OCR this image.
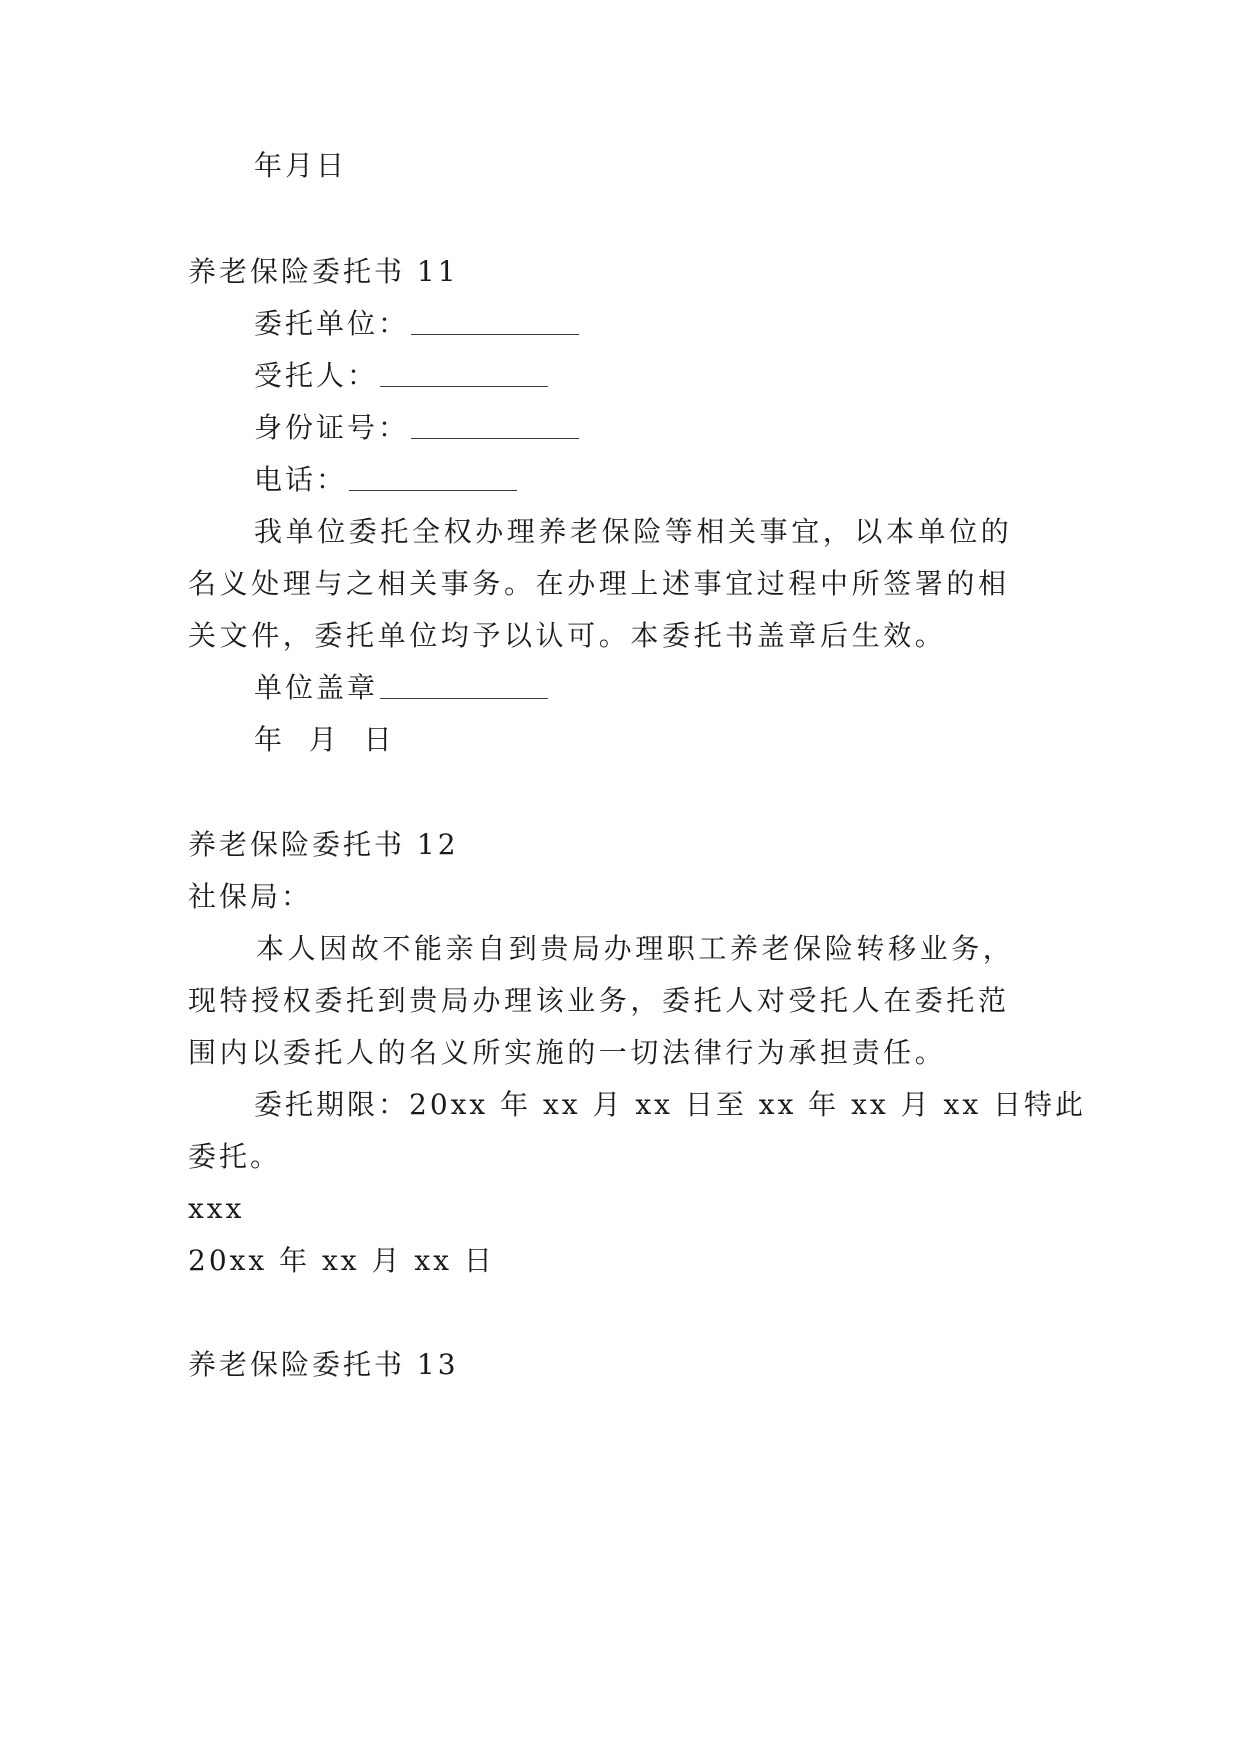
年月日
养老保险委托书 11
委托单位：
受托人：
身份证号：
电话：
我单位委托全权办理养老保险等相关事宜，以本单位的
名义处理与之相关事务。在办理上述事宜过程中所签署的相
关文件，委托单位均予以认可。本委托书盖章后生效。
单位盖章
年  月  日
养老保险委托书 12
社保局：
本人因故不能亲自到贵局办理职工养老保险转移业务，
现特授权委托到贵局办理该业务，委托人对受托人在委托范
围内以委托人的名义所实施的一切法律行为承担责任。
委托期限：20xx 年 xx 月 xx 日至 xx 年 xx 月 xx 日特此
委托。
xxx
20xx 年 xx 月 xx 日
养老保险委托书 13
